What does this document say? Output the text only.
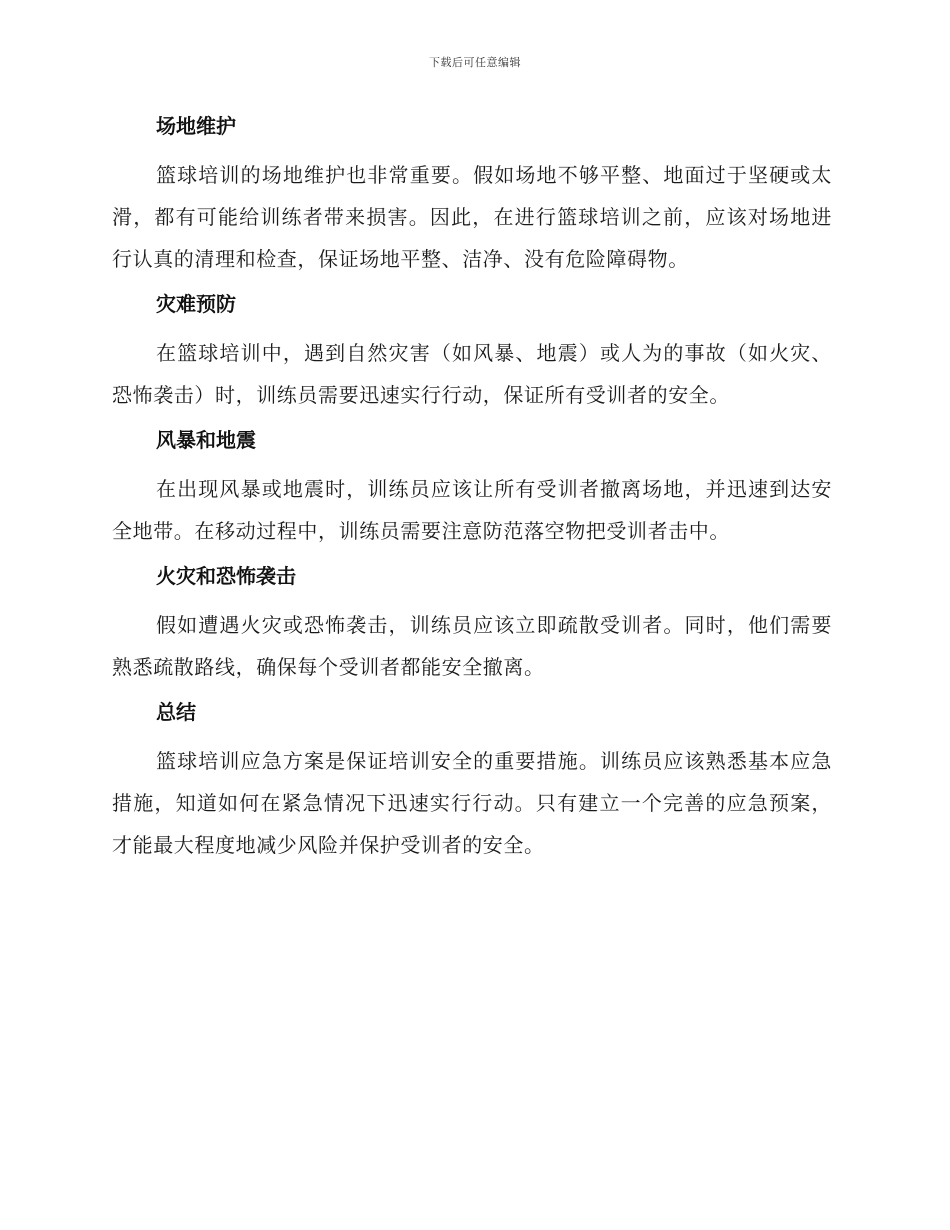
下载后可任意编辑
场地维护

篮球培训的场地维护也非常重要。假如场地不够平整、地面过于坚硬或太滑，都有可能给训练者带来损害。因此，在进行篮球培训之前，应该对场地进行认真的清理和检查，保证场地平整、洁净、没有危险障碍物。

灾难预防

在篮球培训中，遇到自然灾害（如风暴、地震）或人为的事故（如火灾、恐怖袭击）时，训练员需要迅速实行行动，保证所有受训者的安全。

风暴和地震

在出现风暴或地震时，训练员应该让所有受训者撤离场地，并迅速到达安全地带。在移动过程中，训练员需要注意防范落空物把受训者击中。

火灾和恐怖袭击

假如遭遇火灾或恐怖袭击，训练员应该立即疏散受训者。同时，他们需要熟悉疏散路线，确保每个受训者都能安全撤离。

总结

篮球培训应急方案是保证培训安全的重要措施。训练员应该熟悉基本应急措施，知道如何在紧急情况下迅速实行行动。只有建立一个完善的应急预案，才能最大程度地减少风险并保护受训者的安全。
